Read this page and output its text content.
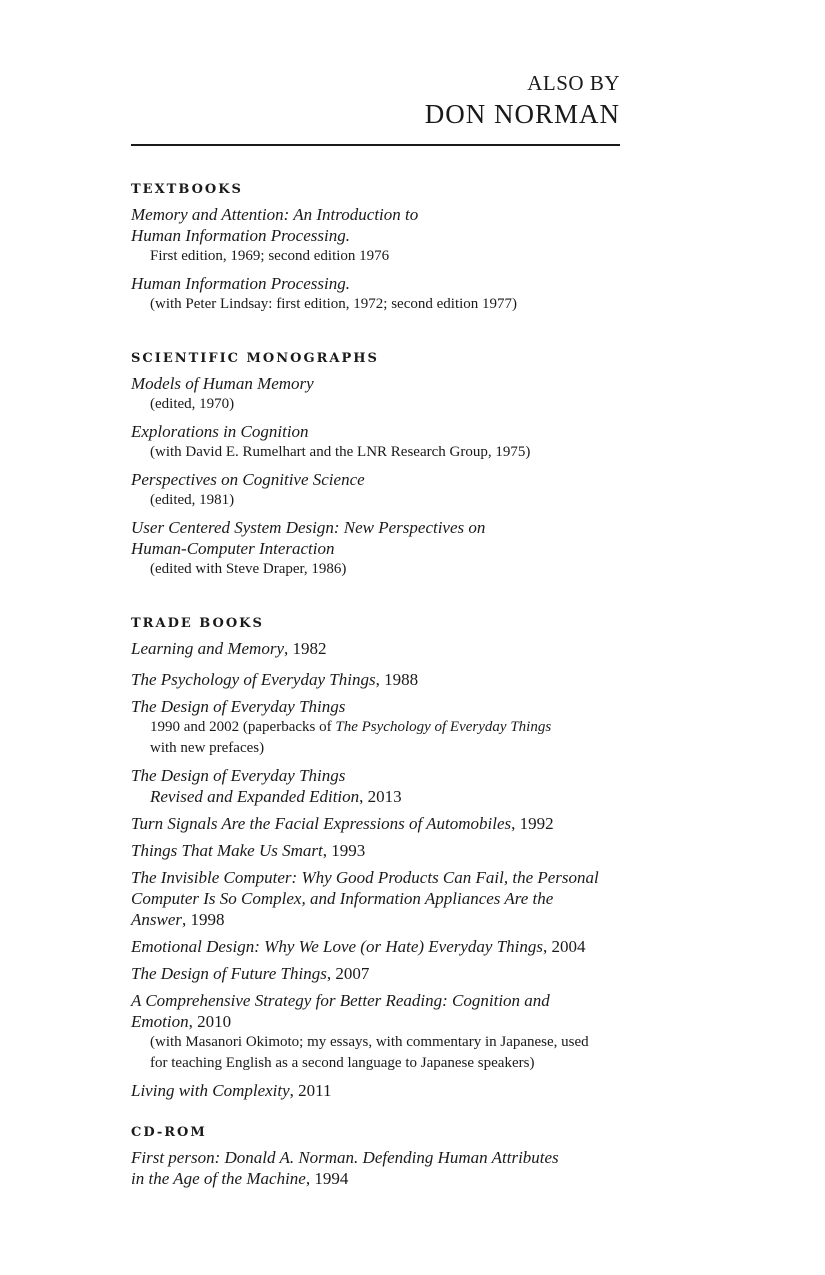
ALSO BY
DON NORMAN
TEXTBOOKS
Memory and Attention: An Introduction to
Human Information Processing.
First edition, 1969; second edition 1976
Human Information Processing.
(with Peter Lindsay: first edition, 1972; second edition 1977)
SCIENTIFIC MONOGRAPHS
Models of Human Memory
(edited, 1970)
Explorations in Cognition
(with David E. Rumelhart and the LNR Research Group, 1975)
Perspectives on Cognitive Science
(edited, 1981)
User Centered System Design: New Perspectives on
Human-Computer Interaction
(edited with Steve Draper, 1986)
TRADE BOOKS
Learning and Memory, 1982
The Psychology of Everyday Things, 1988
The Design of Everyday Things
1990 and 2002 (paperbacks of The Psychology of Everyday Things
with new prefaces)
The Design of Everyday Things
Revised and Expanded Edition, 2013
Turn Signals Are the Facial Expressions of Automobiles, 1992
Things That Make Us Smart, 1993
The Invisible Computer: Why Good Products Can Fail, the Personal
Computer Is So Complex, and Information Appliances Are the
Answer, 1998
Emotional Design: Why We Love (or Hate) Everyday Things, 2004
The Design of Future Things, 2007
A Comprehensive Strategy for Better Reading: Cognition and
Emotion, 2010
(with Masanori Okimoto; my essays, with commentary in Japanese, used
for teaching English as a second language to Japanese speakers)
Living with Complexity, 2011
CD-ROM
First person: Donald A. Norman. Defending Human Attributes
in the Age of the Machine, 1994
